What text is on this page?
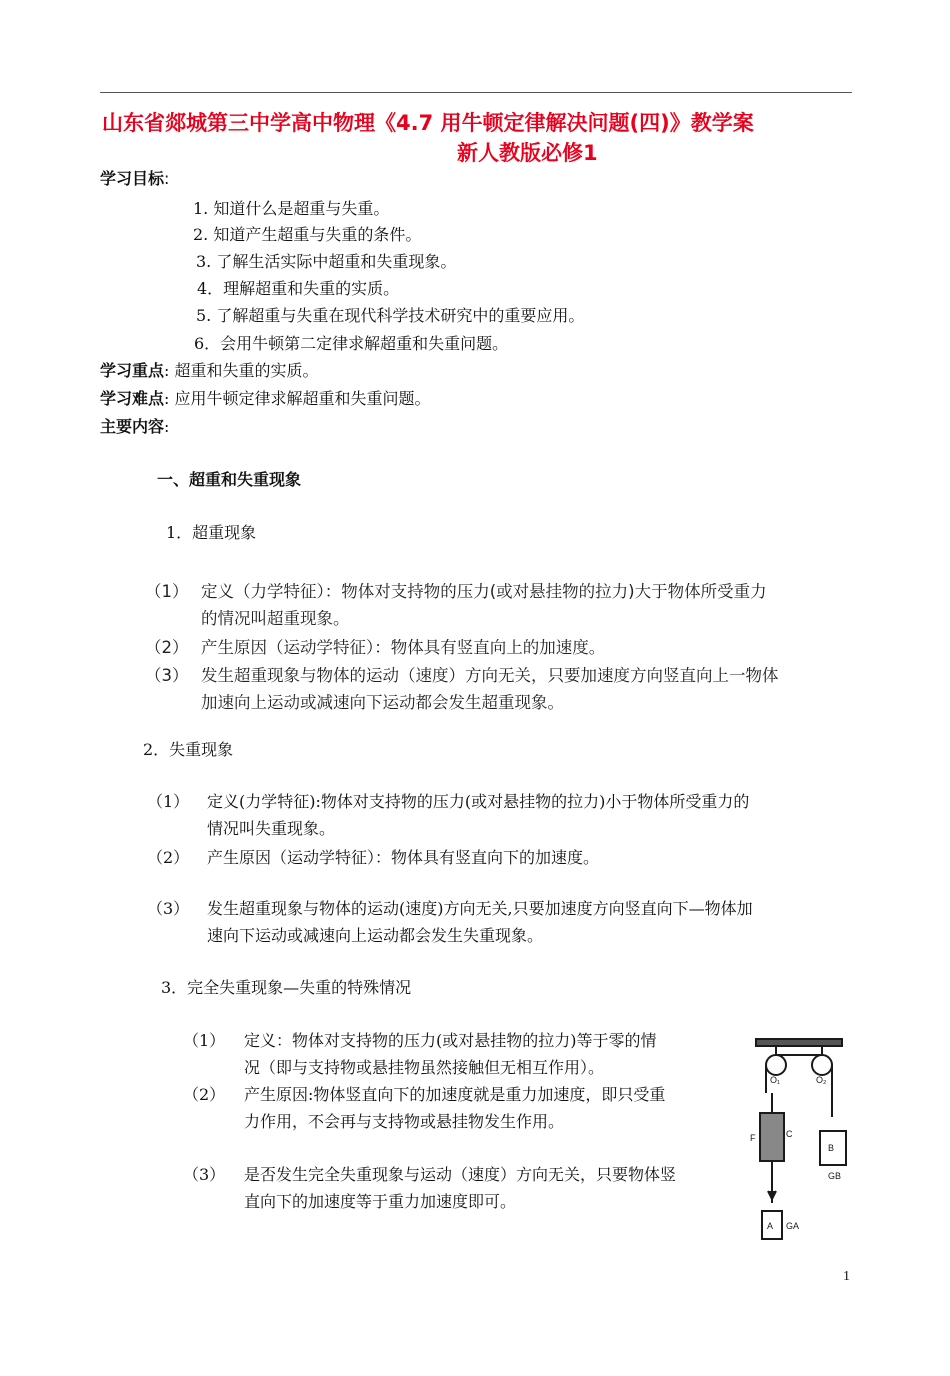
山东省郯城第三中学高中物理《4.7 用牛顿定律解决问题(四)》教学案
新人教版必修1
学习目标:
1. 知道什么是超重与失重。
2. 知道产生超重与失重的条件。
3. 了解生活实际中超重和失重现象。
4．理解超重和失重的实质。
5. 了解超重与失重在现代科学技术研究中的重要应用。
6．会用牛顿第二定律求解超重和失重问题。
学习重点: 超重和失重的实质。
学习难点: 应用牛顿定律求解超重和失重问题。
主要内容:
一、超重和失重现象
1．超重现象
（1） 定义（力学特征）：物体对支持物的压力(或对悬挂物的拉力)大于物体所受重力
的情况叫超重现象。
（2） 产生原因（运动学特征）：物体具有竖直向上的加速度。
（3） 发生超重现象与物体的运动（速度）方向无关，只要加速度方向竖直向上一物体
加速向上运动或减速向下运动都会发生超重现象。
2．失重现象
（1） 定义(力学特征):物体对支持物的压力(或对悬挂物的拉力)小于物体所受重力的
情况叫失重现象。
（2） 产生原因（运动学特征）：物体具有竖直向下的加速度。
（3） 发生超重现象与物体的运动(速度)方向无关,只要加速度方向竖直向下—物体加
速向下运动或减速向上运动都会发生失重现象。
3．完全失重现象—失重的特殊情况
（1） 定义：物体对支持物的压力(或对悬挂物的拉力)等于零的情
况（即与支持物或悬挂物虽然接触但无相互作用）。
（2） 产生原因:物体竖直向下的加速度就是重力加速度，即只受重
力作用，不会再与支持物或悬挂物发生作用。
（3） 是否发生完全失重现象与运动（速度）方向无关，只要物体竖
直向下的加速度等于重力加速度即可。
O₁	O₂
F	C
B
GB
A GA
1
